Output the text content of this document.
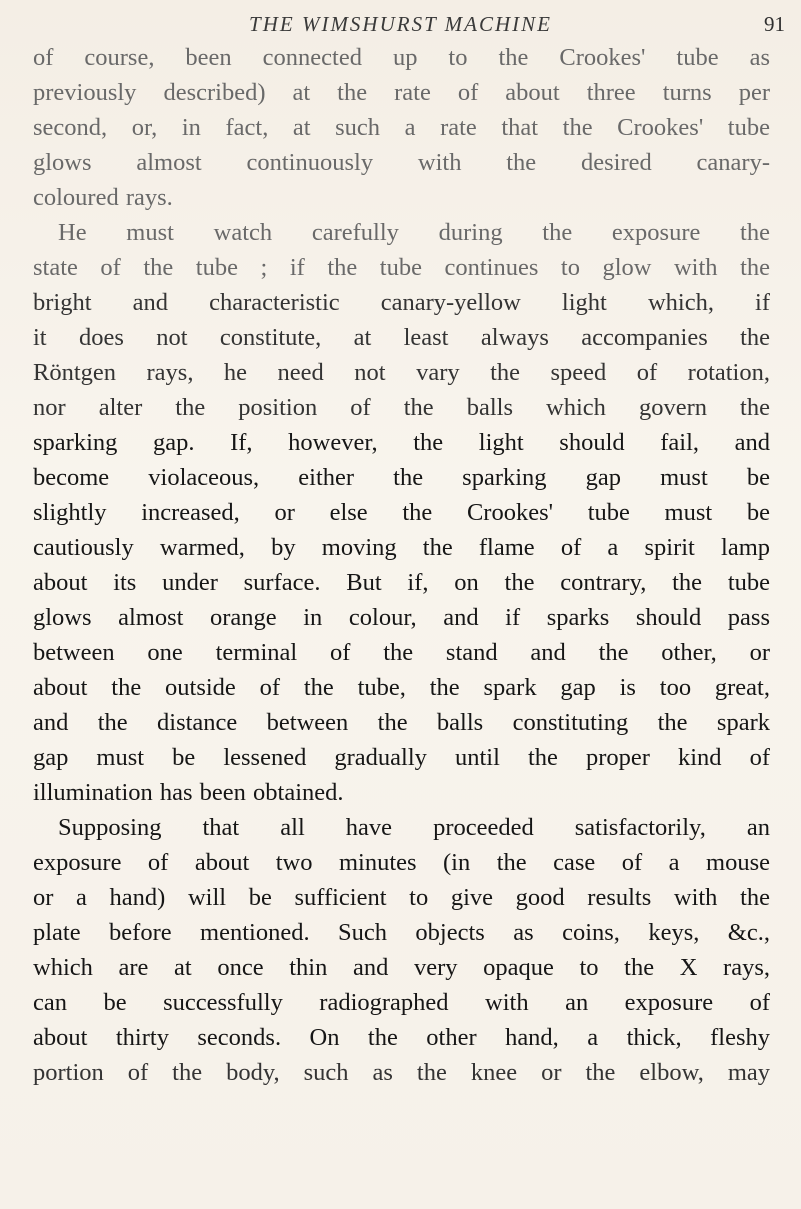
THE WIMSHURST MACHINE	91
of course, been connected up to the Crookes' tube as
previously described) at the rate of about three turns per
second, or, in fact, at such a rate that the Crookes' tube
glows almost continuously with the desired canary-
coloured rays.
He must watch carefully during the exposure the
state of the tube ; if the tube continues to glow with the
bright and characteristic canary-yellow light which, if
it does not constitute, at least always accompanies the
Röntgen rays, he need not vary the speed of rotation,
nor alter the position of the balls which govern the
sparking gap. If, however, the light should fail, and
become violaceous, either the sparking gap must be
slightly increased, or else the Crookes' tube must be
cautiously warmed, by moving the flame of a spirit lamp
about its under surface. But if, on the contrary, the tube
glows almost orange in colour, and if sparks should pass
between one terminal of the stand and the other, or
about the outside of the tube, the spark gap is too great,
and the distance between the balls constituting the spark
gap must be lessened gradually until the proper kind of
illumination has been obtained.
Supposing that all have proceeded satisfactorily, an
exposure of about two minutes (in the case of a mouse
or a hand) will be sufficient to give good results with the
plate before mentioned. Such objects as coins, keys, &c.,
which are at once thin and very opaque to the X rays,
can be successfully radiographed with an exposure of
about thirty seconds. On the other hand, a thick, fleshy
portion of the body, such as the knee or the elbow, may
